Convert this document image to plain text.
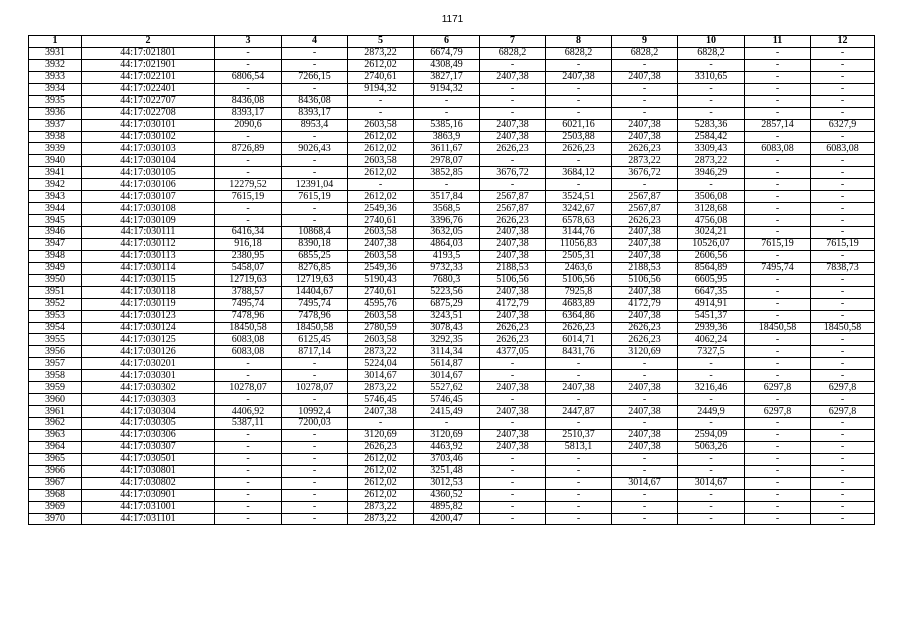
1171
1	2	3	4	5	6	7	8	9	10	11	12
3931	44:17:021801	-	-	2873,22	6674,79	6828,2	6828,2	6828,2	6828,2	-	-
3932	44:17:021901	-	-	2612,02	4308,49	-	-	-	-	-	-
3933	44:17:022101	6806,54	7266,15	2740,61	3827,17	2407,38	2407,38	2407,38	3310,65	-	-
3934	44:17:022401	-	-	9194,32	9194,32	-	-	-	-	-	-
3935	44:17:022707	8436,08	8436,08	-	-	-	-	-	-	-	-
3936	44:17:022708	8393,17	8393,17	-	-	-	-	-	-	-	-
3937	44:17:030101	2090,6	8953,4	2603,58	5385,16	2407,38	6021,16	2407,38	5283,36	2857,14	6327,9
3938	44:17:030102	-	-	2612,02	3863,9	2407,38	2503,88	2407,38	2584,42	-	-
3939	44:17:030103	8726,89	9026,43	2612,02	3611,67	2626,23	2626,23	2626,23	3309,43	6083,08	6083,08
3940	44:17:030104	-	-	2603,58	2978,07	-	-	2873,22	2873,22	-	-
3941	44:17:030105	-	-	2612,02	3852,85	3676,72	3684,12	3676,72	3946,29	-	-
3942	44:17:030106	12279,52	12391,04	-	-	-	-	-	-	-	-
3943	44:17:030107	7615,19	7615,19	2612,02	3517,84	2567,87	3524,51	2567,87	3506,08	-	-
3944	44:17:030108	-	-	2549,36	3568,5	2567,87	3242,67	2567,87	3128,68	-	-
3945	44:17:030109	-	-	2740,61	3396,76	2626,23	6578,63	2626,23	4756,08	-	-
3946	44:17:030111	6416,34	10868,4	2603,58	3632,05	2407,38	3144,76	2407,38	3024,21	-	-
3947	44:17:030112	916,18	8390,18	2407,38	4864,03	2407,38	11056,83	2407,38	10526,07	7615,19	7615,19
3948	44:17:030113	2380,95	6855,25	2603,58	4193,5	2407,38	2505,31	2407,38	2606,56	-	-
3949	44:17:030114	5458,07	8276,85	2549,36	9732,33	2188,53	2463,6	2188,53	8564,89	7495,74	7838,73
3950	44:17:030115	12719,63	12719,63	5190,43	7680,3	5106,56	5106,56	5106,56	6605,95	-	-
3951	44:17:030118	3788,57	14404,67	2740,61	5223,56	2407,38	7925,8	2407,38	6647,35	-	-
3952	44:17:030119	7495,74	7495,74	4595,76	6875,29	4172,79	4683,89	4172,79	4914,91	-	-
3953	44:17:030123	7478,96	7478,96	2603,58	3243,51	2407,38	6364,86	2407,38	5451,37	-	-
3954	44:17:030124	18450,58	18450,58	2780,59	3078,43	2626,23	2626,23	2626,23	2939,36	18450,58	18450,58
3955	44:17:030125	6083,08	6125,45	2603,58	3292,35	2626,23	6014,71	2626,23	4062,24	-	-
3956	44:17:030126	6083,08	8717,14	2873,22	3114,34	4377,05	8431,76	3120,69	7327,5	-	-
3957	44:17:030201	-	-	5224,04	5614,87	-	-	-	-	-	-
3958	44:17:030301	-	-	3014,67	3014,67	-	-	-	-	-	-
3959	44:17:030302	10278,07	10278,07	2873,22	5527,62	2407,38	2407,38	2407,38	3216,46	6297,8	6297,8
3960	44:17:030303	-	-	5746,45	5746,45	-	-	-	-	-	-
3961	44:17:030304	4406,92	10992,4	2407,38	2415,49	2407,38	2447,87	2407,38	2449,9	6297,8	6297,8
3962	44:17:030305	5387,11	7200,03	-	-	-	-	-	-	-	-
3963	44:17:030306	-	-	3120,69	3120,69	2407,38	2510,37	2407,38	2594,09	-	-
3964	44:17:030307	-	-	2626,23	4463,92	2407,38	5813,1	2407,38	5063,26	-	-
3965	44:17:030501	-	-	2612,02	3703,46	-	-	-	-	-	-
3966	44:17:030801	-	-	2612,02	3251,48	-	-	-	-	-	-
3967	44:17:030802	-	-	2612,02	3012,53	-	-	3014,67	3014,67	-	-
3968	44:17:030901	-	-	2612,02	4360,52	-	-	-	-	-	-
3969	44:17:031001	-	-	2873,22	4895,82	-	-	-	-	-	-
3970	44:17:031101	-	-	2873,22	4200,47	-	-	-	-	-	-
